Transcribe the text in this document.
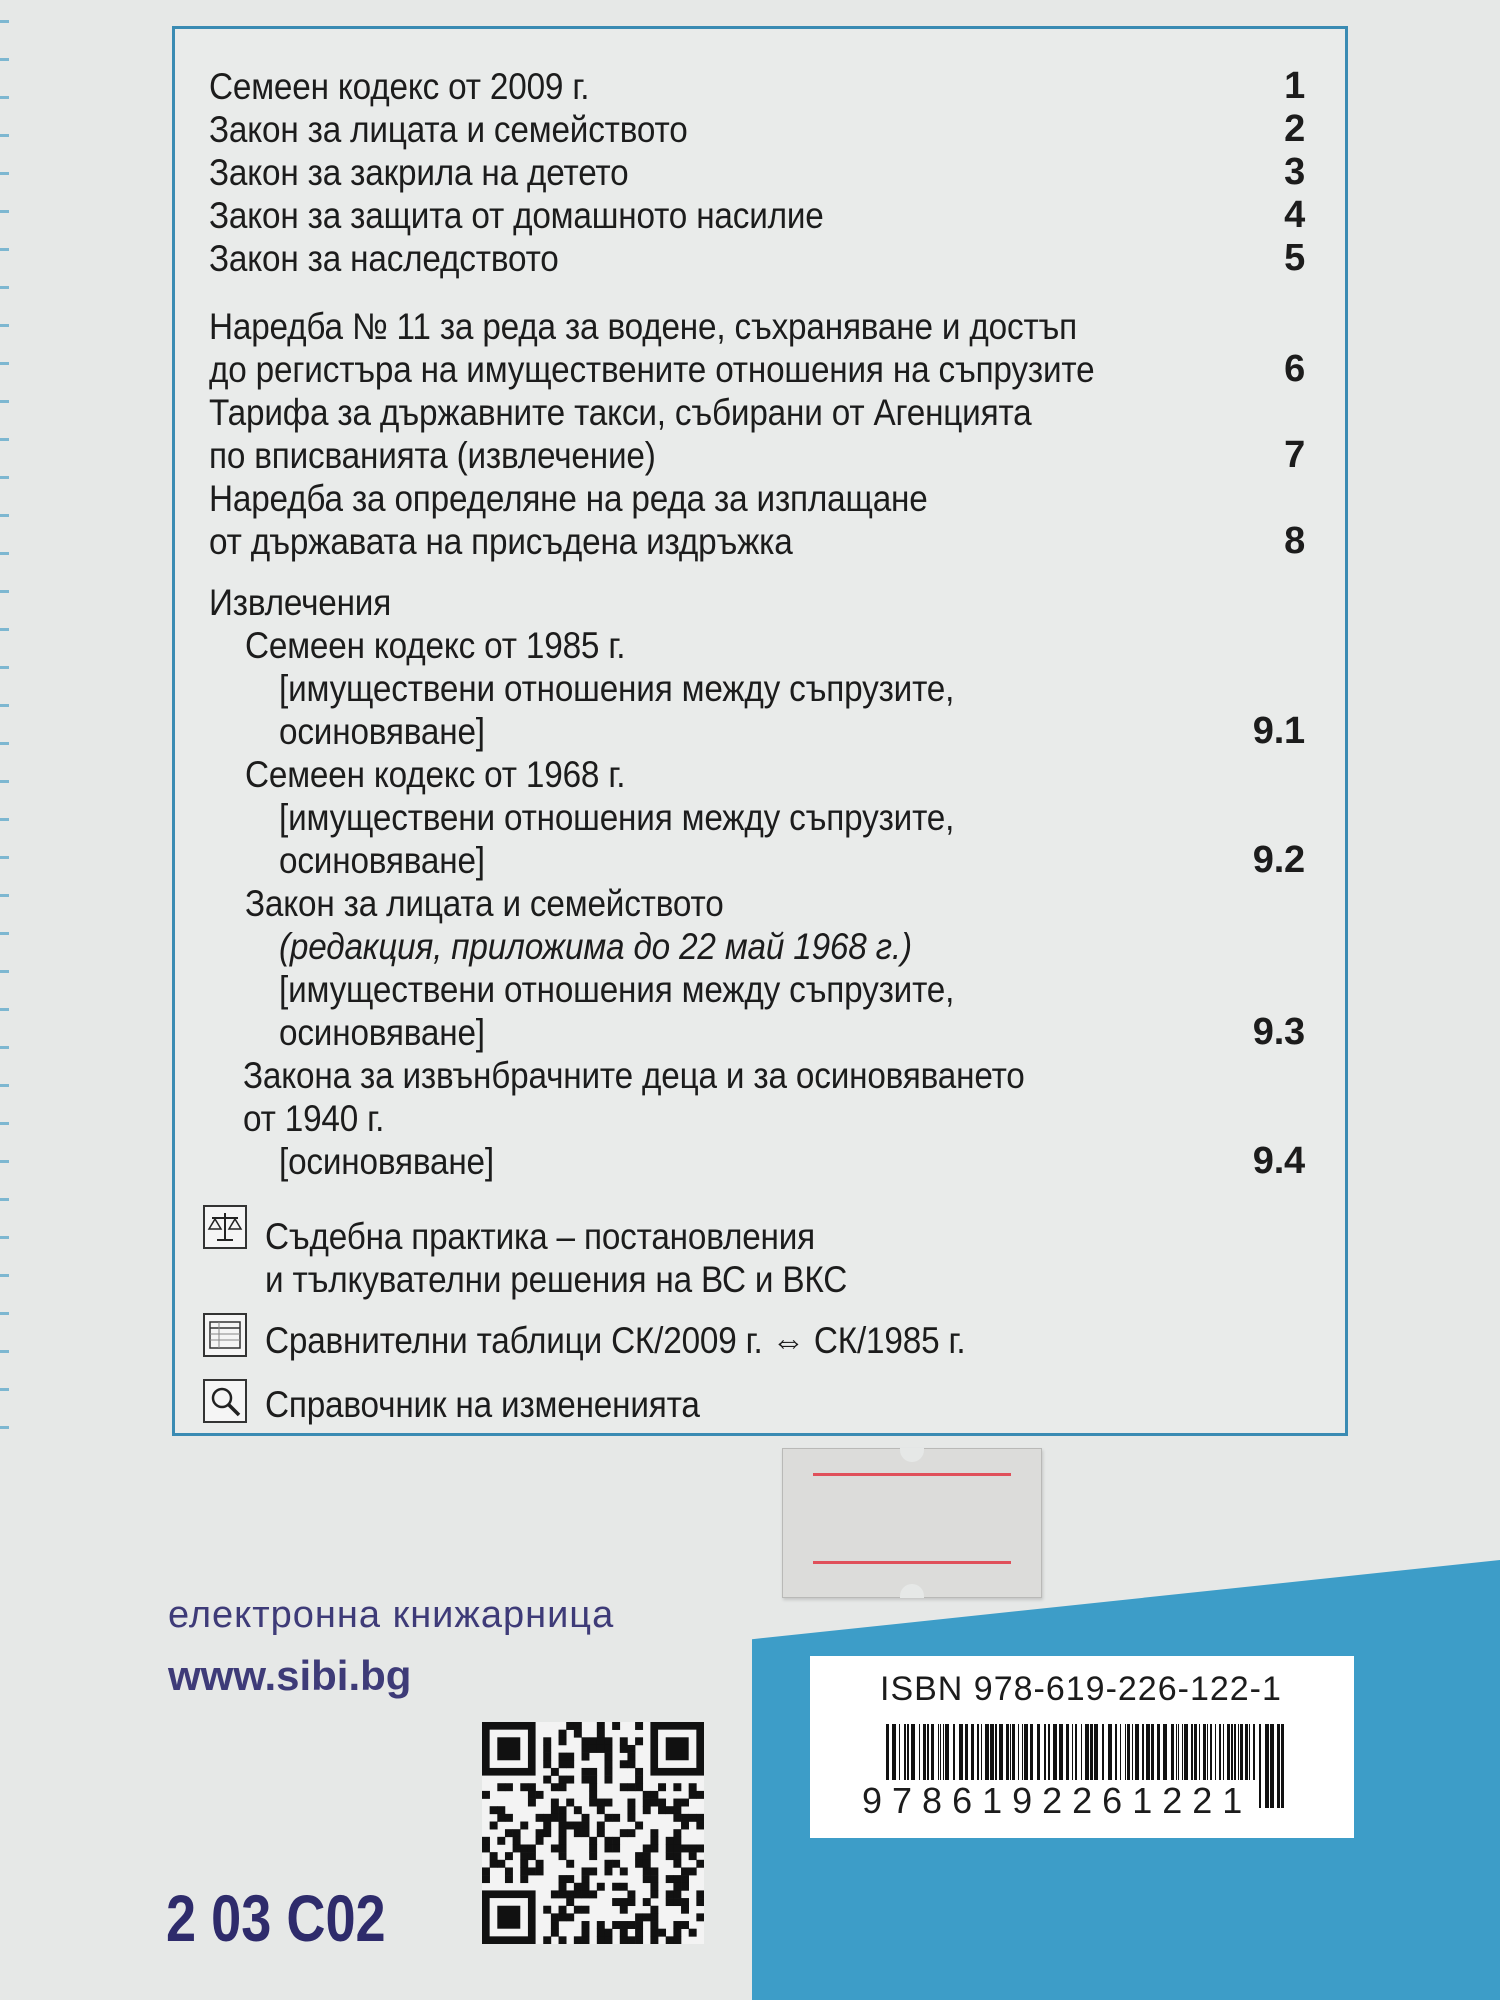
Семеен кодекс от 2009 г.	1
Закон за лицата и семейството	2
Закон за закрила на детето	3
Закон за защита от домашното насилие	4
Закон за наследството	5
Наредба № 11 за реда за водене, съхраняване и достъп
до регистъра на имуществените отношения на съпрузите	6
Тарифа за държавните такси, събирани от Агенцията
по вписванията (извлечение)	7
Наредба за определяне на реда за изплащане
от държавата на присъдена издръжка	8
Извлечения
Семеен кодекс от 1985 г.
[имуществени отношения между съпрузите,
осиновяване]	9.1
Семеен кодекс от 1968 г.
[имуществени отношения между съпрузите,
осиновяване]	9.2
Закон за лицата и семейството
(редакция, приложима до 22 май 1968 г.)
[имуществени отношения между съпрузите,
осиновяване]	9.3
Закона за извънбрачните деца и за осиновяването
от 1940 г.
[осиновяване]	9.4
Съдебна практика – постановления
и тълкувателни решения на ВС и ВКС
Сравнителни таблици СК/2009 г. ⇔ СК/1985 г.
Справочник на измененията
електронна книжарница
www.sibi.bg
2 03 C02
ISBN 978-619-226-122-1
9786192261221
